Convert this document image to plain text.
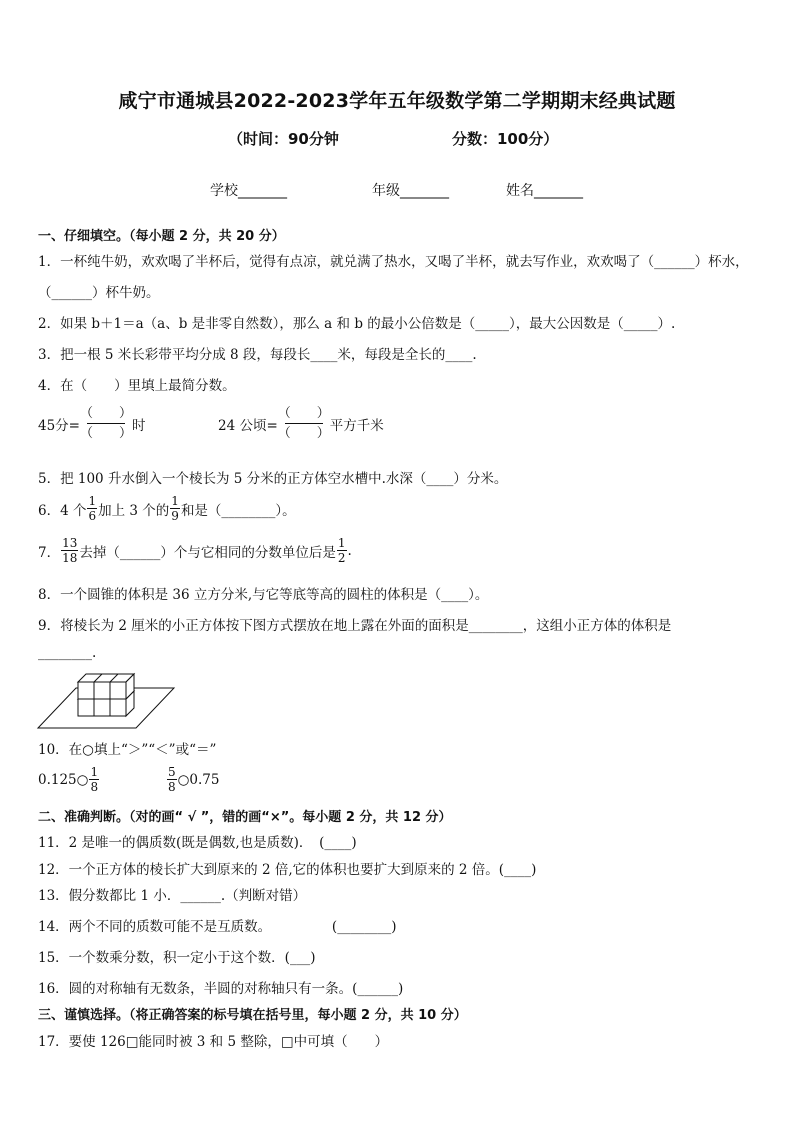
咸宁市通城县2022-2023学年五年级数学第二学期期末经典试题
（时间：90分钟	分数：100分）
学校_______	年级_______	姓名_______
一、仔细填空。（每小题 2 分，共 20 分）
1．一杯纯牛奶，欢欢喝了半杯后，觉得有点凉，就兑满了热水，又喝了半杯，就去写作业，欢欢喝了（______）杯水，
（______）杯牛奶。
2．如果 b＋1＝a（a、b 是非零自然数），那么 a 和 b 的最小公倍数是（_____），最大公因数是（_____）.
3．把一根 5 米长彩带平均分成 8 段，每段长____米，每段是全长的____.
4．在（　　）里填上最简分数。
45分=
（　　）
（　　） 时	24 公顷=
（　　）
（　　） 平方千米
5．把 100 升水倒入一个棱长为 5 分米的正方体空水槽中.水深（____）分米。
6．4 个 $\frac{1}{6}$ 加上 3 个的 $\frac{1}{9}$ 和是（________）。
7． $\frac{13}{18}$ 去掉（______）个与它相同的分数单位后是 $\frac{1}{2}$ .
8．一个圆锥的体积是 36 立方分米,与它等底等高的圆柱的体积是（____）。
9．将棱长为 2 厘米的小正方体按下图方式摆放在地上露在外面的面积是________，这组小正方体的体积是
________.
10．在○填上“＞”“＜”或“＝”
0.125○ $\frac{1}{8}$	$\frac{5}{8}$ ○0.75
二、准确判断。（对的画“ √ ”，错的画“×”。每小题 2 分，共 12 分）
11．2 是唯一的偶质数(既是偶数,也是质数)．　(____)
12．一个正方体的棱长扩大到原来的 2 倍,它的体积也要扩大到原来的 2 倍。(____)
13．假分数都比 1 小．______.（判断对错）
14．两个不同的质数可能不是互质数。　　　　　(________)
15．一个数乘分数，积一定小于这个数．(___)
16．圆的对称轴有无数条，半圆的对称轴只有一条。(______)
三、谨慎选择。（将正确答案的标号填在括号里，每小题 2 分，共 10 分）
17．要使 126□能同时被 3 和 5 整除，□中可填（　　）
